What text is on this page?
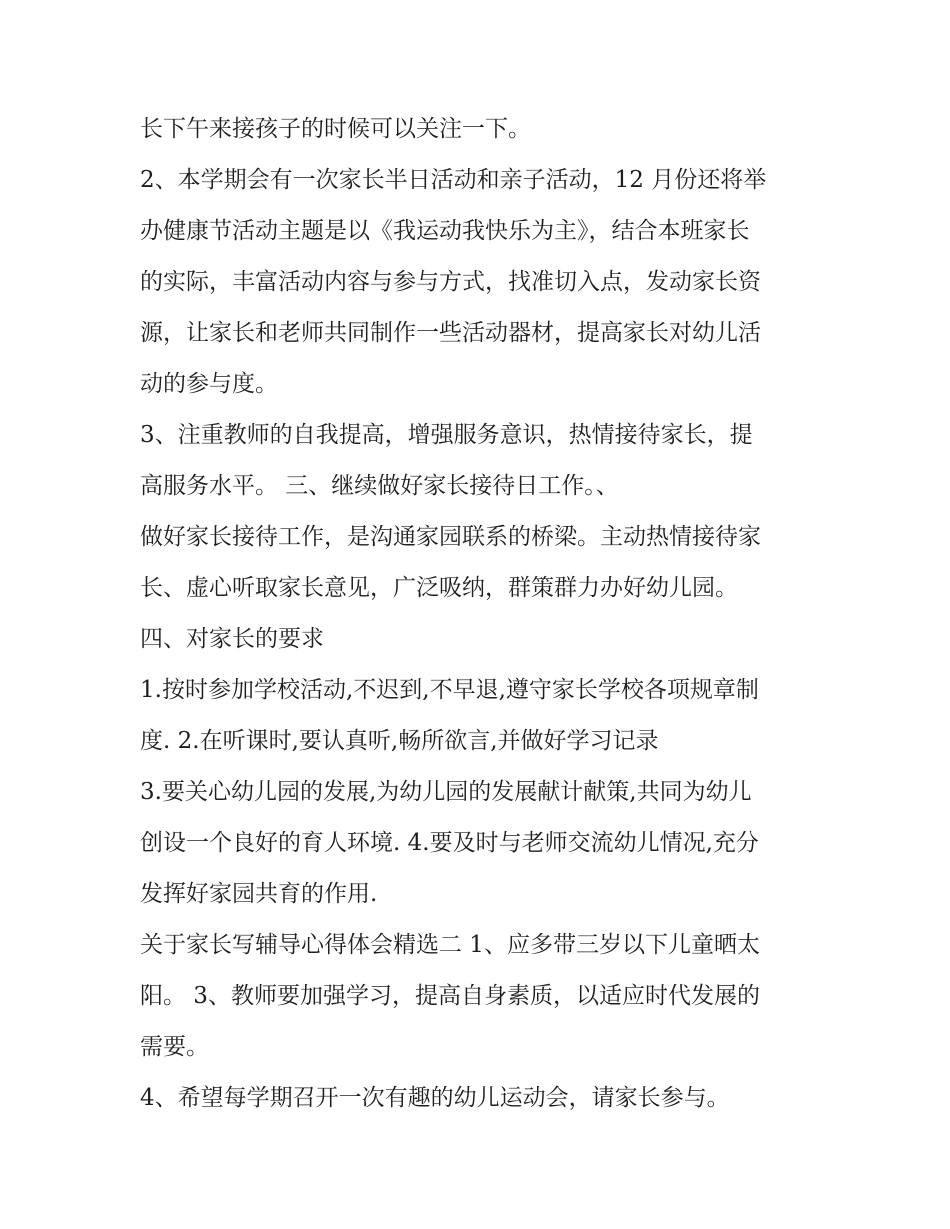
长下午来接孩子的时候可以关注一下。
2、本学期会有一次家长半日活动和亲子活动，12 月份还将举
办健康节活动主题是以《我运动我快乐为主》，结合本班家长
的实际，丰富活动内容与参与方式，找准切入点，发动家长资
源，让家长和老师共同制作一些活动器材，提高家长对幼儿活
动的参与度。
3、注重教师的自我提高，增强服务意识，热情接待家长，提
高服务水平。 三、继续做好家长接待日工作。、
做好家长接待工作，是沟通家园联系的桥梁。主动热情接待家
长、虚心听取家长意见，广泛吸纳，群策群力办好幼儿园。
四、对家长的要求
1.按时参加学校活动,不迟到,不早退,遵守家长学校各项规章制
度. 2.在听课时,要认真听,畅所欲言,并做好学习记录
3.要关心幼儿园的发展,为幼儿园的发展献计献策,共同为幼儿
创设一个良好的育人环境. 4.要及时与老师交流幼儿情况,充分
发挥好家园共育的作用.
关于家长写辅导心得体会精选二 1、应多带三岁以下儿童晒太
阳。 3、教师要加强学习，提高自身素质，以适应时代发展的
需要。
4、希望每学期召开一次有趣的幼儿运动会，请家长参与。
